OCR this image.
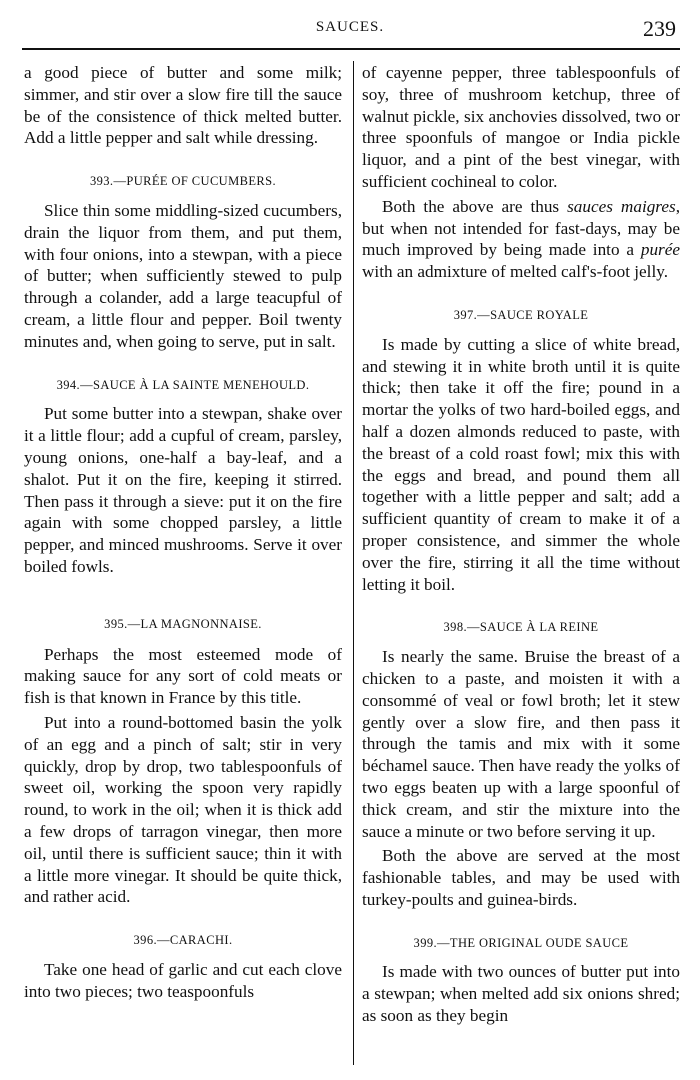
SAUCES.	239

a good piece of butter and some milk; simmer, and stir over a slow fire till the sauce be of the consistence of thick melted butter. Add a little pepper and salt while dressing.

393.—PURÉE OF CUCUMBERS.

Slice thin some middling-sized cucumbers, drain the liquor from them, and put them, with four onions, into a stewpan, with a piece of butter; when sufficiently stewed to pulp through a colander, add a large teacupful of cream, a little flour and pepper. Boil twenty minutes and, when going to serve, put in salt.

394.—SAUCE À LA SAINTE MENEHOULD.

Put some butter into a stewpan, shake over it a little flour; add a cupful of cream, parsley, young onions, one-half a bay-leaf, and a shalot. Put it on the fire, keeping it stirred. Then pass it through a sieve: put it on the fire again with some chopped parsley, a little pepper, and minced mushrooms. Serve it over boiled fowls.

395.—LA MAGNONNAISE.

Perhaps the most esteemed mode of making sauce for any sort of cold meats or fish is that known in France by this title.

Put into a round-bottomed basin the yolk of an egg and a pinch of salt; stir in very quickly, drop by drop, two tablespoonfuls of sweet oil, working the spoon very rapidly round, to work in the oil; when it is thick add a few drops of tarragon vinegar, then more oil, until there is sufficient sauce; thin it with a little more vinegar. It should be quite thick, and rather acid.

396.—CARACHI.

Take one head of garlic and cut each clove into two pieces; two teaspoonfuls

of cayenne pepper, three tablespoonfuls of soy, three of mushroom ketchup, three of walnut pickle, six anchovies dissolved, two or three spoonfuls of mangoe or India pickle liquor, and a pint of the best vinegar, with sufficient cochineal to color.

Both the above are thus sauces maigres, but when not intended for fast-days, may be much improved by being made into a purée with an admixture of melted calf's-foot jelly.

397.—SAUCE ROYALE

Is made by cutting a slice of white bread, and stewing it in white broth until it is quite thick; then take it off the fire; pound in a mortar the yolks of two hard-boiled eggs, and half a dozen almonds reduced to paste, with the breast of a cold roast fowl; mix this with the eggs and bread, and pound them all together with a little pepper and salt; add a sufficient quantity of cream to make it of a proper consistence, and simmer the whole over the fire, stirring it all the time without letting it boil.

398.—SAUCE À LA REINE

Is nearly the same. Bruise the breast of a chicken to a paste, and moisten it with a consommé of veal or fowl broth; let it stew gently over a slow fire, and then pass it through the tamis and mix with it some béchamel sauce. Then have ready the yolks of two eggs beaten up with a large spoonful of thick cream, and stir the mixture into the sauce a minute or two before serving it up.

Both the above are served at the most fashionable tables, and may be used with turkey-poults and guinea-birds.

399.—THE ORIGINAL OUDE SAUCE

Is made with two ounces of butter put into a stewpan; when melted add six onions shred; as soon as they begin
